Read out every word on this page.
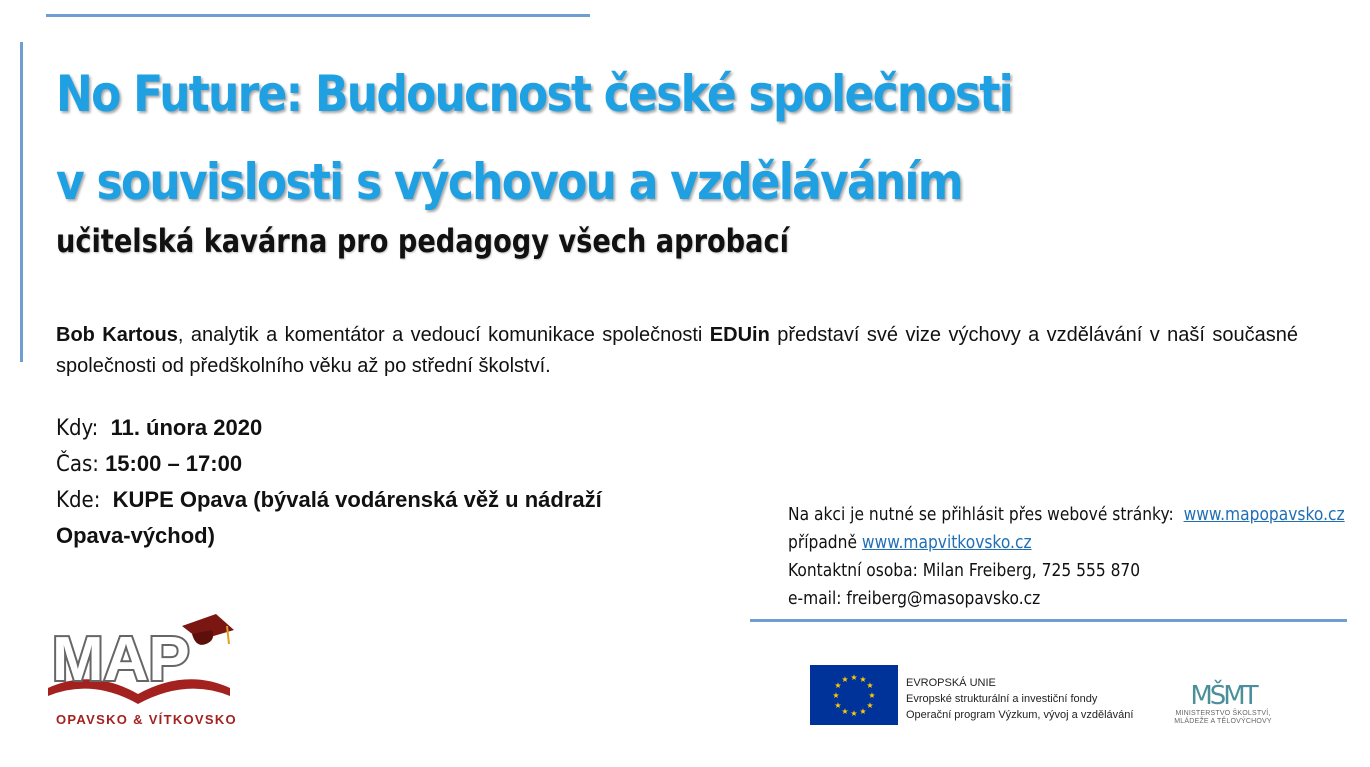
No Future: Budoucnost české společnosti
v souvislosti s výchovou a vzděláváním
učitelská kavárna pro pedagogy všech aprobací

Bob Kartous, analytik a komentátor a vedoucí komunikace společnosti EDUin představí své vize výchovy a vzdělávání v naší současné společnosti od předškolního věku až po střední školství.

Kdy: 11. února 2020
Čas: 15:00 – 17:00
Kde: KUPE Opava (bývalá vodárenská věž u nádraží
Opava-východ)
Na akci je nutné se přihlásit přes webové stránky: www.mapopavsko.cz
případně www.mapvitkovsko.cz
Kontaktní osoba: Milan Freiberg, 725 555 870
e-mail: freiberg@masopavsko.cz
MAP
OPAVSKO & VÍTKOVSKO
★ ★
★
★
★
★
★
★
★
★
★
★	EVROPSKÁ UNIE
Evropské strukturální a investiční fondy
Operační program Výzkum, vývoj a vzdělávání
MŠMT
MINISTERSTVO ŠKOLSTVÍ,
MLÁDEŽE A TĚLOVÝCHOVY
